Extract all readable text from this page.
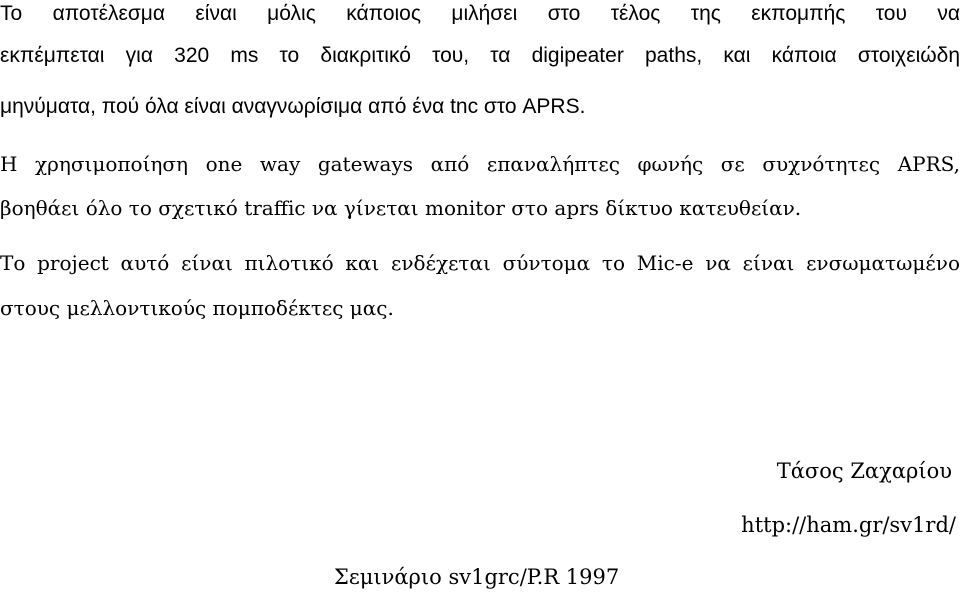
Το αποτέλεσμα είναι μόλις κάποιος μιλήσει στο τέλος της εκπομπής του να

εκπέμπεται για 320 ms το διακριτικό του, τα digipeater paths, και κάποια στοιχειώδη

μηνύματα, πού όλα είναι αναγνωρίσιμα από ένα tnc στο APRS.

Η χρησιμοποίηση one way gateways από επαναλήπτες φωνής σε συχνότητες APRS,

βοηθάει όλο το σχετικό traffic να γίνεται monitor στο aprs δίκτυο κατευθείαν.

Το project αυτό είναι πιλοτικό και ενδέχεται σύντομα το Mic-e να είναι ενσωματωμένο

στους μελλοντικούς πομποδέκτες μας.

Τάσος Ζαχαρίου
http://ham.gr/sv1rd/
Σεμινάριο sv1grc/P.R 1997
